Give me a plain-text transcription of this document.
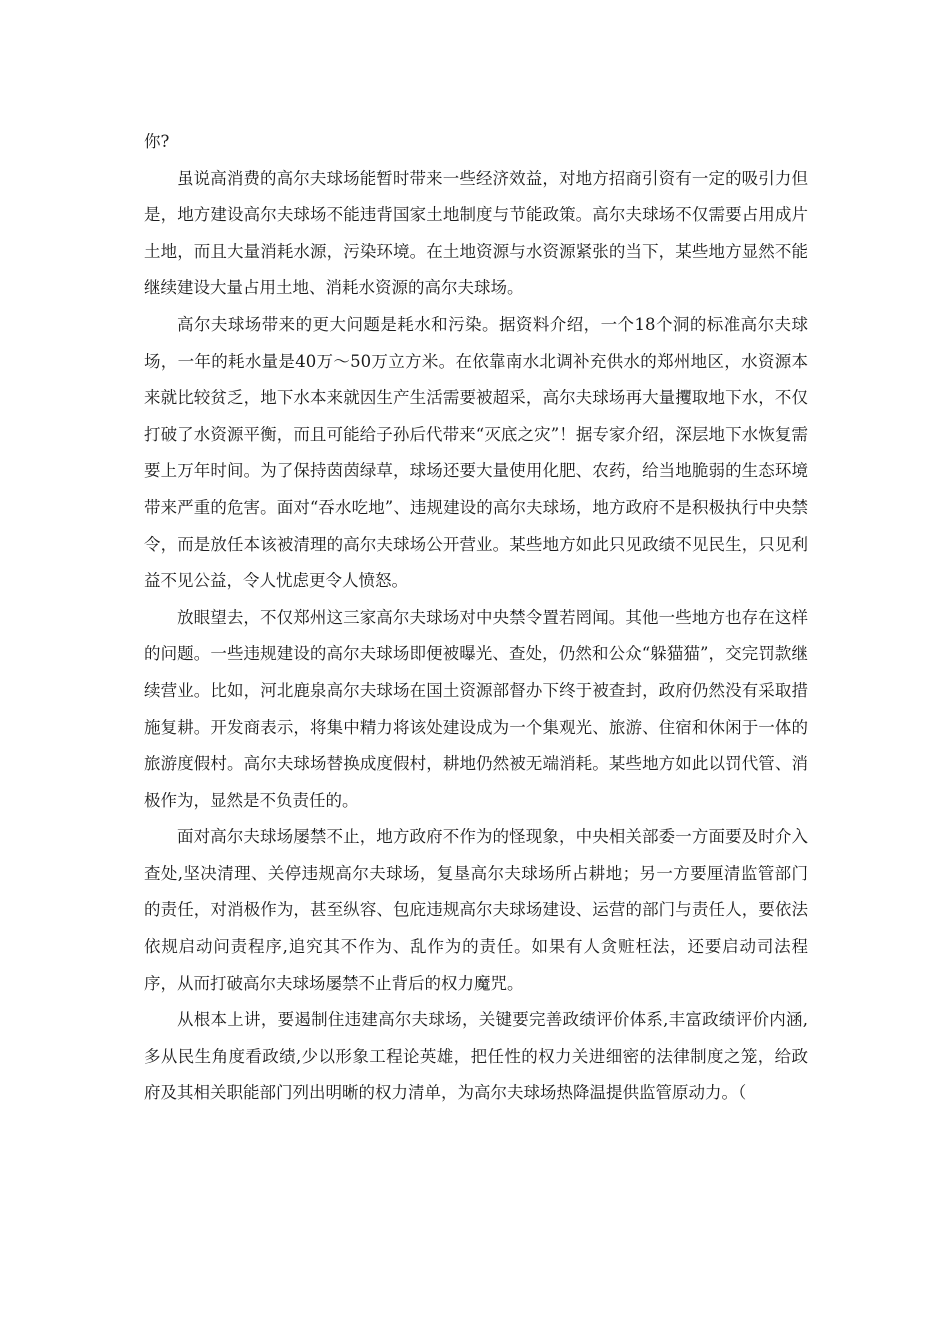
你?

虽说高消费的高尔夫球场能暂时带来一些经济效益，对地方招商引资有一定的吸引力但是，地方建设高尔夫球场不能违背国家土地制度与节能政策。高尔夫球场不仅需要占用成片土地，而且大量消耗水源，污染环境。在土地资源与水资源紧张的当下，某些地方显然不能继续建设大量占用土地、消耗水资源的高尔夫球场。

高尔夫球场带来的更大问题是耗水和污染。据资料介绍，一个18个洞的标准高尔夫球场，一年的耗水量是40万～50万立方米。在依靠南水北调补充供水的郑州地区，水资源本来就比较贫乏，地下水本来就因生产生活需要被超采，高尔夫球场再大量攫取地下水，不仅打破了水资源平衡，而且可能给子孙后代带来“灭底之灾”！据专家介绍，深层地下水恢复需要上万年时间。为了保持茵茵绿草，球场还要大量使用化肥、农药，给当地脆弱的生态环境带来严重的危害。面对“吞水吃地”、违规建设的高尔夫球场，地方政府不是积极执行中央禁令，而是放任本该被清理的高尔夫球场公开营业。某些地方如此只见政绩不见民生，只见利益不见公益，令人忧虑更令人愤怒。

放眼望去，不仅郑州这三家高尔夫球场对中央禁令置若罔闻。其他一些地方也存在这样的问题。一些违规建设的高尔夫球场即便被曝光、查处，仍然和公众“躲猫猫”，交完罚款继续营业。比如，河北鹿泉高尔夫球场在国土资源部督办下终于被查封，政府仍然没有采取措施复耕。开发商表示，将集中精力将该处建设成为一个集观光、旅游、住宿和休闲于一体的旅游度假村。高尔夫球场替换成度假村，耕地仍然被无端消耗。某些地方如此以罚代管、消极作为，显然是不负责任的。

面对高尔夫球场屡禁不止，地方政府不作为的怪现象，中央相关部委一方面要及时介入查处,坚决清理、关停违规高尔夫球场，复垦高尔夫球场所占耕地；另一方要厘清监管部门的责任，对消极作为，甚至纵容、包庇违规高尔夫球场建设、运营的部门与责任人，要依法依规启动问责程序,追究其不作为、乱作为的责任。如果有人贪赃枉法，还要启动司法程序，从而打破高尔夫球场屡禁不止背后的权力魔咒。

从根本上讲，要遏制住违建高尔夫球场，关键要完善政绩评价体系,丰富政绩评价内涵,多从民生角度看政绩,少以形象工程论英雄，把任性的权力关进细密的法律制度之笼，给政府及其相关职能部门列出明晰的权力清单，为高尔夫球场热降温提供监管原动力。（
